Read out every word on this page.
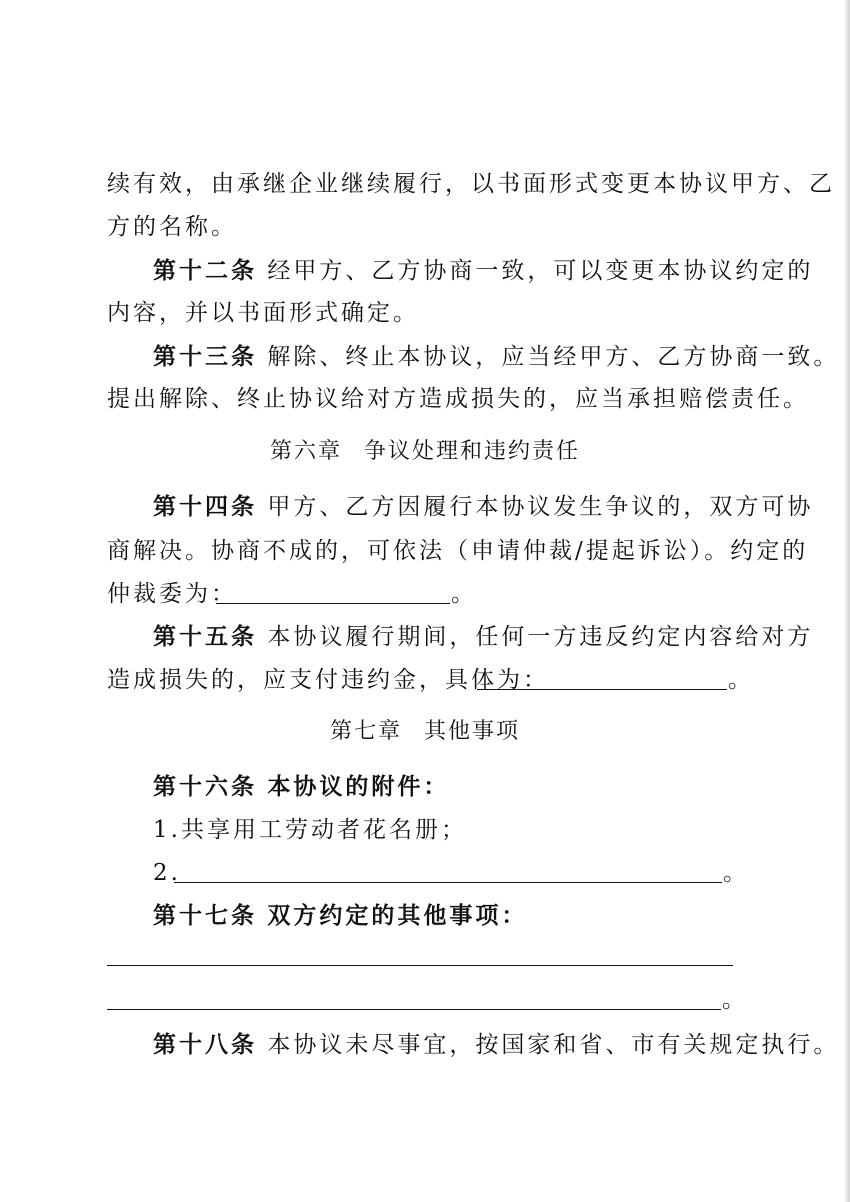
续有效，由承继企业继续履行，以书面形式变更本协议甲方、乙
方的名称。
第十二条 经甲方、乙方协商一致，可以变更本协议约定的
内容，并以书面形式确定。
第十三条 解除、终止本协议，应当经甲方、乙方协商一致。
提出解除、终止协议给对方造成损失的，应当承担赔偿责任。
第六章 争议处理和违约责任
第十四条 甲方、乙方因履行本协议发生争议的，双方可协
商解决。协商不成的，可依法（申请仲裁/提起诉讼）。约定的
仲裁委为：	。
第十五条 本协议履行期间，任何一方违反约定内容给对方
造成损失的，应支付违约金，具体为：	。
第七章 其他事项
第十六条 本协议的附件：
1.共享用工劳动者花名册；
2.	。
第十七条 双方约定的其他事项：
。
第十八条 本协议未尽事宜，按国家和省、市有关规定执行。
